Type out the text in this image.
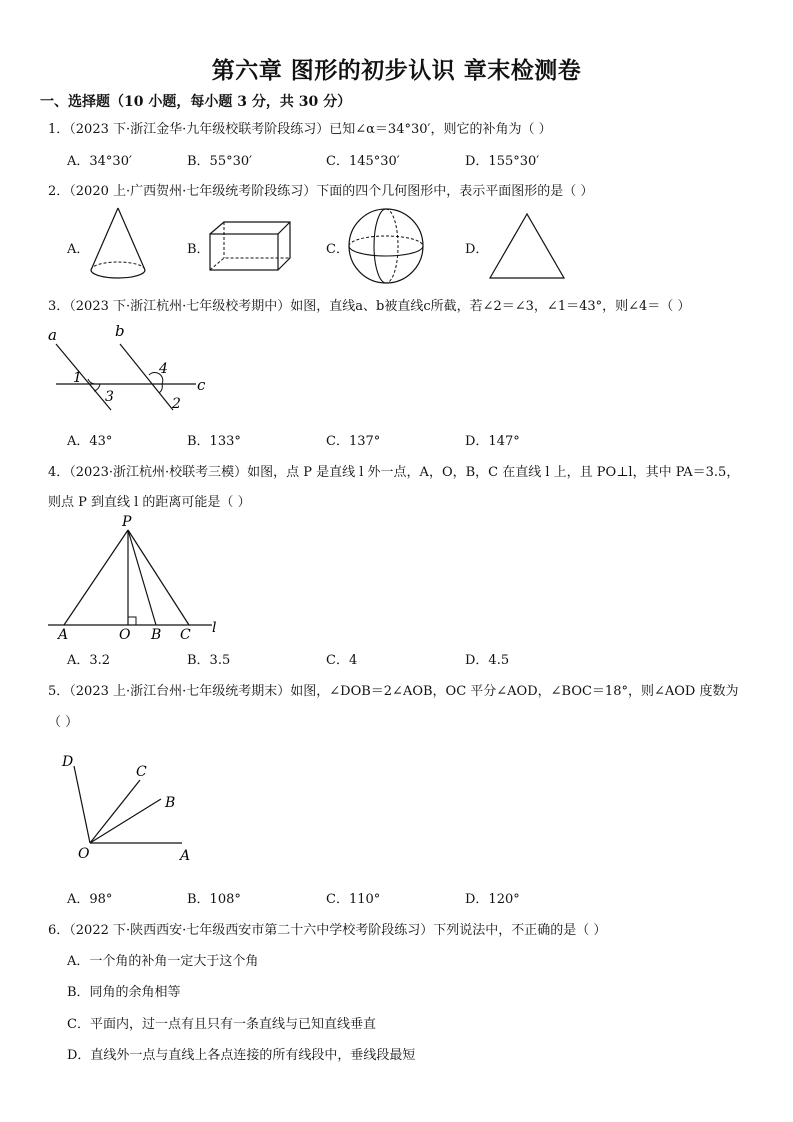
第六章 图形的初步认识 章末检测卷
一、选择题（10 小题，每小题 3 分，共 30 分）
1．（2023 下·浙江金华·九年级校联考阶段练习）已知∠α＝34°30′，则它的补角为（ ）
A．34°30′	B．55°30′	C．145°30′	D．155°30′
2．（2020 上·广西贺州·七年级统考阶段练习）下面的四个几何图形中，表示平面图形的是（ ）
A．	B．	C．	D．
3．（2023 下·浙江杭州·七年级校考期中）如图，直线a、b被直线c所截，若∠2＝∠3，∠1＝43°，则∠4＝（ ）
a	b
c
1
3
4
2
A．43°	B．133°	C．137°	D．147°
4．（2023·浙江杭州·校联考三模）如图，点 P 是直线 l 外一点，A，O，B，C 在直线 l 上，且 PO⊥l，其中 PA＝3.5，
则点 P 到直线 l 的距离可能是（ ）
P
A	O B C l
A．3.2	B．3.5	C．4	D．4.5
5．（2023 上·浙江台州·七年级统考期末）如图，∠DOB＝2∠AOB，OC 平分∠AOD，∠BOC＝18°，则∠AOD 度数为
（ ）
D
C
B
O	A
A．98°	B．108°	C．110°	D．120°
6．（2022 下·陕西西安·七年级西安市第二十六中学校考阶段练习）下列说法中，不正确的是（ ）
A．一个角的补角一定大于这个角
B．同角的余角相等
C．平面内，过一点有且只有一条直线与已知直线垂直
D．直线外一点与直线上各点连接的所有线段中，垂线段最短
